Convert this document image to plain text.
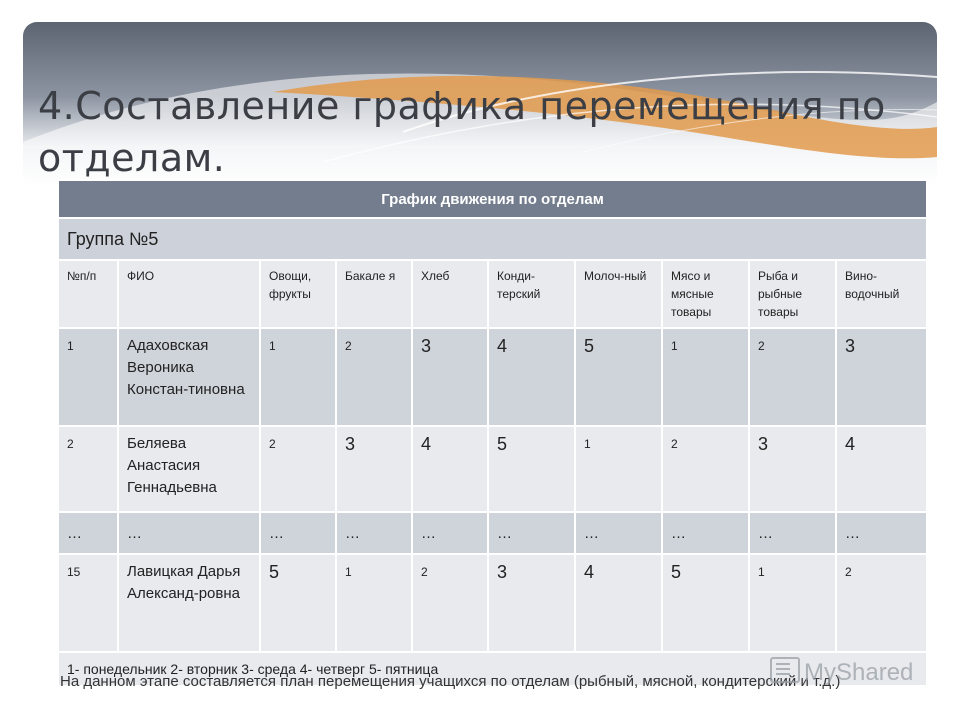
4.Составление графика перемещения по отделам.
График движения по отделам									
Группа №5									
№п/п	ФИО	Овощи, фрукты	Бакале я	Хлеб	Конди-терский	Молоч-ный	Мясо и мясные товары	Рыба и рыбные товары	Вино-водочный
1	Адаховская Вероника Констан-тиновна	1	2	3	4	5	1	2	3
2	Беляева Анастасия Геннадьевна	2	3	4	5	1	2	3	4
…	…	…	…	…	…	…	…	…	…
15	Лавицкая Дарья Александ-ровна	5	1	2	3	4	5	1	2
1- понедельник 2- вторник 3- среда 4- четверг 5- пятница									

На данном этапе составляется план перемещения учащихся по отделам (рыбный, мясной, кондитерский и т.д.)

MyShared
